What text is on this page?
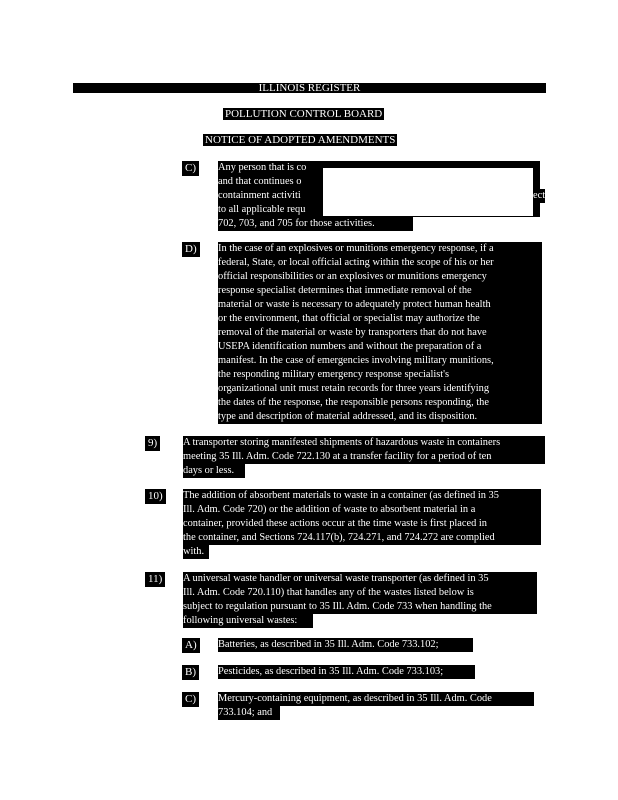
ILLINOIS REGISTER
POLLUTION CONTROL BOARD
NOTICE OF ADOPTED AMENDMENTS
C) Any person that is co
and that continues o
containment activiti
to all applicable requ
702, 703, and 705 for those activities.
ect
D) In the case of an explosives or munitions emergency response, if a
federal, State, or local official acting within the scope of his or her
official responsibilities or an explosives or munitions emergency
response specialist determines that immediate removal of the
material or waste is necessary to adequately protect human health
or the environment, that official or specialist may authorize the
removal of the material or waste by transporters that do not have
USEPA identification numbers and without the preparation of a
manifest. In the case of emergencies involving military munitions,
the responding military emergency response specialist's
organizational unit must retain records for three years identifying
the dates of the response, the responsible persons responding, the
type and description of material addressed, and its disposition.
9) A transporter storing manifested shipments of hazardous waste in containers
meeting 35 Ill. Adm. Code 722.130 at a transfer facility for a period of ten
days or less.
10) The addition of absorbent materials to waste in a container (as defined in 35
Ill. Adm. Code 720) or the addition of waste to absorbent material in a
container, provided these actions occur at the time waste is first placed in
the container, and Sections 724.117(b), 724.271, and 724.272 are complied
with.
11) A universal waste handler or universal waste transporter (as defined in 35
Ill. Adm. Code 720.110) that handles any of the wastes listed below is
subject to regulation pursuant to 35 Ill. Adm. Code 733 when handling the
following universal wastes:
A) Batteries, as described in 35 Ill. Adm. Code 733.102;
B) Pesticides, as described in 35 Ill. Adm. Code 733.103;
C) Mercury-containing equipment, as described in 35 Ill. Adm. Code
733.104; and
